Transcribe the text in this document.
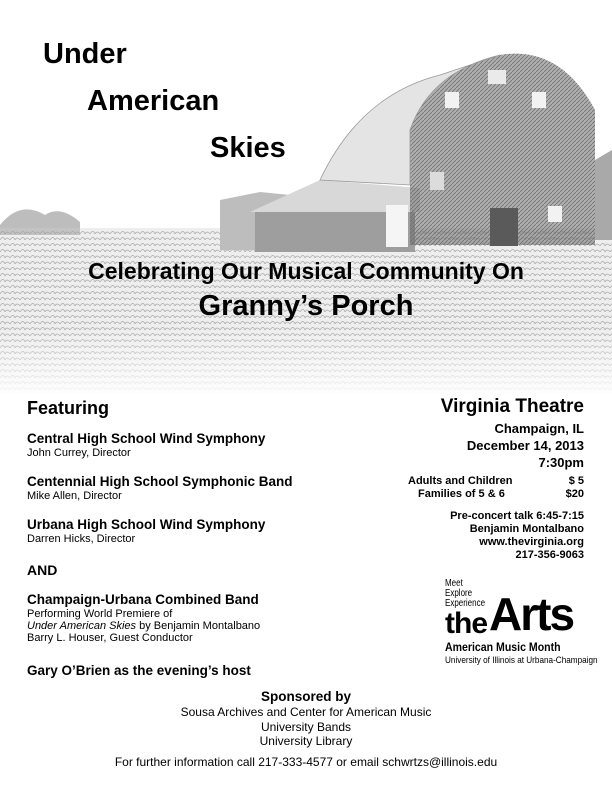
Under
American
Skies
Celebrating Our Musical Community On
Granny’s Porch
Featuring
Central High School Wind Symphony
John Currey, Director
Centennial High School Symphonic Band
Mike Allen, Director
Urbana High School Wind Symphony
Darren Hicks, Director
AND
Champaign-Urbana Combined Band
Performing World Premiere of
Under American Skies by Benjamin Montalbano
Barry L. Houser, Guest Conductor
Gary O’Brien as the evening’s host
Virginia Theatre
Champaign, IL
December 14, 2013
7:30pm
Adults and Children	$ 5
Families of 5 & 6	$20
Pre-concert talk 6:45-7:15
Benjamin Montalbano
www.thevirginia.org
217-356-9063
Meet
Explore
Experience
the Arts
American Music Month
University of Illinois at Urbana-Champaign
Sponsored by
Sousa Archives and Center for American Music
University Bands
University Library
For further information call 217-333-4577 or email schwrtzs@illinois.edu
